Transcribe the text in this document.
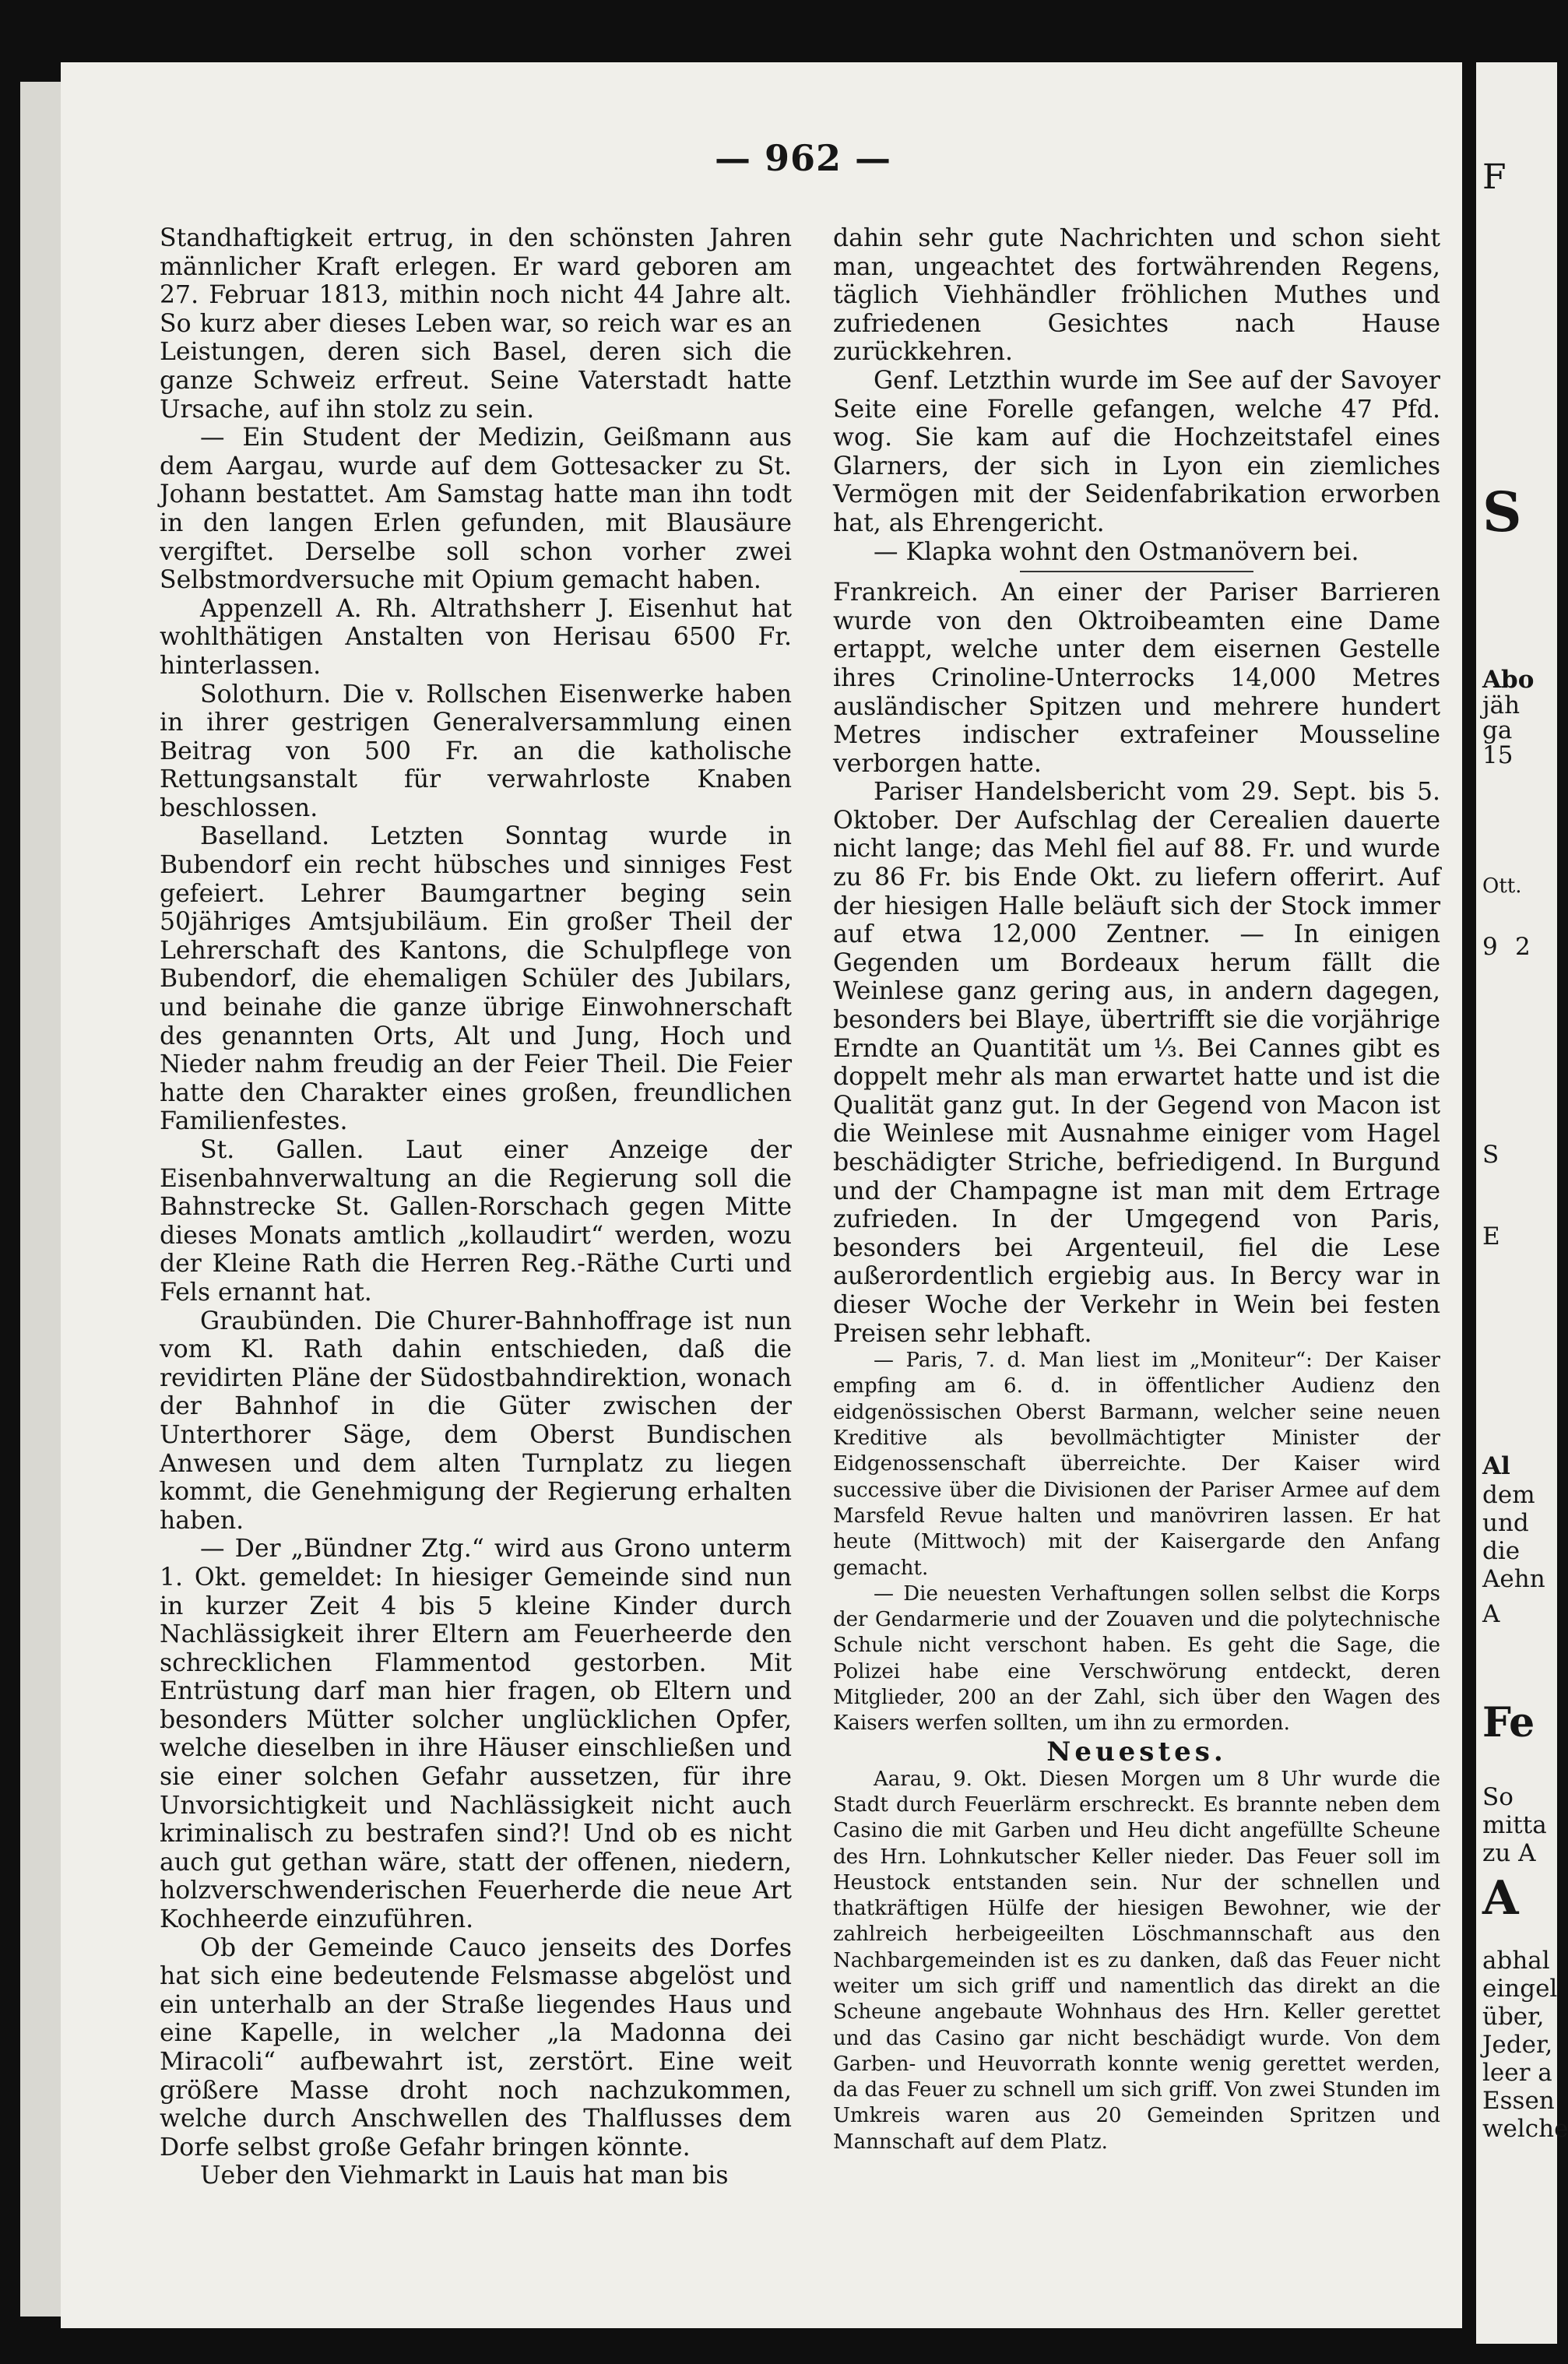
F
S
Abo
jäh
ga
15
Ott.
9 2
S
E
Al
dem
und
die
Aehn
A
Fe
So
mitta
zu A
A
abhal
eingel
über,
Jeder,
leer a
Essen
welche
— 962 —

Standhaftigkeit ertrug, in den schönsten Jahren männlicher Kraft erlegen. Er ward geboren am 27. Februar 1813, mithin noch nicht 44 Jahre alt. So kurz aber dieses Leben war, so reich war es an Leistungen, deren sich Basel, deren sich die ganze Schweiz erfreut. Seine Vaterstadt hatte Ursache, auf ihn stolz zu sein.

— Ein Student der Medizin, Geißmann aus dem Aargau, wurde auf dem Gottesacker zu St. Johann bestattet. Am Samstag hatte man ihn todt in den langen Erlen gefunden, mit Blausäure vergiftet. Derselbe soll schon vorher zwei Selbstmordversuche mit Opium gemacht haben.

Appenzell A. Rh. Altrathsherr J. Eisenhut hat wohlthätigen Anstalten von Herisau 6500 Fr. hinterlassen.

Solothurn. Die v. Rollschen Eisenwerke haben in ihrer gestrigen Generalversammlung einen Beitrag von 500 Fr. an die katholische Rettungsanstalt für verwahrloste Knaben beschlossen.

Baselland. Letzten Sonntag wurde in Bubendorf ein recht hübsches und sinniges Fest gefeiert. Lehrer Baumgartner beging sein 50jähriges Amtsjubiläum. Ein großer Theil der Lehrerschaft des Kantons, die Schulpflege von Bubendorf, die ehemaligen Schüler des Jubilars, und beinahe die ganze übrige Einwohnerschaft des genannten Orts, Alt und Jung, Hoch und Nieder nahm freudig an der Feier Theil. Die Feier hatte den Charakter eines großen, freundlichen Familienfestes.

St. Gallen. Laut einer Anzeige der Eisenbahnverwaltung an die Regierung soll die Bahnstrecke St. Gallen-Rorschach gegen Mitte dieses Monats amtlich „kollaudirt“ werden, wozu der Kleine Rath die Herren Reg.-Räthe Curti und Fels ernannt hat.

Graubünden. Die Churer-Bahnhoffrage ist nun vom Kl. Rath dahin entschieden, daß die revidirten Pläne der Südostbahndirektion, wonach der Bahnhof in die Güter zwischen der Unterthorer Säge, dem Oberst Bundischen Anwesen und dem alten Turnplatz zu liegen kommt, die Genehmigung der Regierung erhalten haben.

— Der „Bündner Ztg.“ wird aus Grono unterm 1. Okt. gemeldet: In hiesiger Gemeinde sind nun in kurzer Zeit 4 bis 5 kleine Kinder durch Nachlässigkeit ihrer Eltern am Feuerheerde den schrecklichen Flammentod gestorben. Mit Entrüstung darf man hier fragen, ob Eltern und besonders Mütter solcher unglücklichen Opfer, welche dieselben in ihre Häuser einschließen und sie einer solchen Gefahr aussetzen, für ihre Unvorsichtigkeit und Nachlässigkeit nicht auch kriminalisch zu bestrafen sind?! Und ob es nicht auch gut gethan wäre, statt der offenen, niedern, holzverschwenderischen Feuerherde die neue Art Kochheerde einzuführen.

Ob der Gemeinde Cauco jenseits des Dorfes hat sich eine bedeutende Felsmasse abgelöst und ein unterhalb an der Straße liegendes Haus und eine Kapelle, in welcher „la Madonna dei Miracoli“ aufbewahrt ist, zerstört. Eine weit größere Masse droht noch nachzukommen, welche durch Anschwellen des Thalflusses dem Dorfe selbst große Gefahr bringen könnte.

Ueber den Viehmarkt in Lauis hat man bis

dahin sehr gute Nachrichten und schon sieht man, ungeachtet des fortwährenden Regens, täglich Viehhändler fröhlichen Muthes und zufriedenen Gesichtes nach Hause zurückkehren.

Genf. Letzthin wurde im See auf der Savoyer Seite eine Forelle gefangen, welche 47 Pfd. wog. Sie kam auf die Hochzeitstafel eines Glarners, der sich in Lyon ein ziemliches Vermögen mit der Seidenfabrikation erworben hat, als Ehrengericht.

— Klapka wohnt den Ostmanövern bei.

Frankreich. An einer der Pariser Barrieren wurde von den Oktroibeamten eine Dame ertappt, welche unter dem eisernen Gestelle ihres Crinoline-Unterrocks 14,000 Metres ausländischer Spitzen und mehrere hundert Metres indischer extrafeiner Mousseline verborgen hatte.

Pariser Handelsbericht vom 29. Sept. bis 5. Oktober. Der Aufschlag der Cerealien dauerte nicht lange; das Mehl fiel auf 88. Fr. und wurde zu 86 Fr. bis Ende Okt. zu liefern offerirt. Auf der hiesigen Halle beläuft sich der Stock immer auf etwa 12,000 Zentner. — In einigen Gegenden um Bordeaux herum fällt die Weinlese ganz gering aus, in andern dagegen, besonders bei Blaye, übertrifft sie die vorjährige Erndte an Quantität um ⅓. Bei Cannes gibt es doppelt mehr als man erwartet hatte und ist die Qualität ganz gut. In der Gegend von Macon ist die Weinlese mit Ausnahme einiger vom Hagel beschädigter Striche, befriedigend. In Burgund und der Champagne ist man mit dem Ertrage zufrieden. In der Umgegend von Paris, besonders bei Argenteuil, fiel die Lese außerordentlich ergiebig aus. In Bercy war in dieser Woche der Verkehr in Wein bei festen Preisen sehr lebhaft.

— Paris, 7. d. Man liest im „Moniteur“: Der Kaiser empfing am 6. d. in öffentlicher Audienz den eidgenössischen Oberst Barmann, welcher seine neuen Kreditive als bevollmächtigter Minister der Eidgenossenschaft überreichte. Der Kaiser wird successive über die Divisionen der Pariser Armee auf dem Marsfeld Revue halten und manövriren lassen. Er hat heute (Mittwoch) mit der Kaisergarde den Anfang gemacht.

— Die neuesten Verhaftungen sollen selbst die Korps der Gendarmerie und der Zouaven und die polytechnische Schule nicht verschont haben. Es geht die Sage, die Polizei habe eine Verschwörung entdeckt, deren Mitglieder, 200 an der Zahl, sich über den Wagen des Kaisers werfen sollten, um ihn zu ermorden.

Neuestes.

Aarau, 9. Okt. Diesen Morgen um 8 Uhr wurde die Stadt durch Feuerlärm erschreckt. Es brannte neben dem Casino die mit Garben und Heu dicht angefüllte Scheune des Hrn. Lohnkutscher Keller nieder. Das Feuer soll im Heustock entstanden sein. Nur der schnellen und thatkräftigen Hülfe der hiesigen Bewohner, wie der zahlreich herbeigeeilten Löschmannschaft aus den Nachbargemeinden ist es zu danken, daß das Feuer nicht weiter um sich griff und namentlich das direkt an die Scheune angebaute Wohnhaus des Hrn. Keller gerettet und das Casino gar nicht beschädigt wurde. Von dem Garben- und Heuvorrath konnte wenig gerettet werden, da das Feuer zu schnell um sich griff. Von zwei Stunden im Umkreis waren aus 20 Gemeinden Spritzen und Mannschaft auf dem Platz.
